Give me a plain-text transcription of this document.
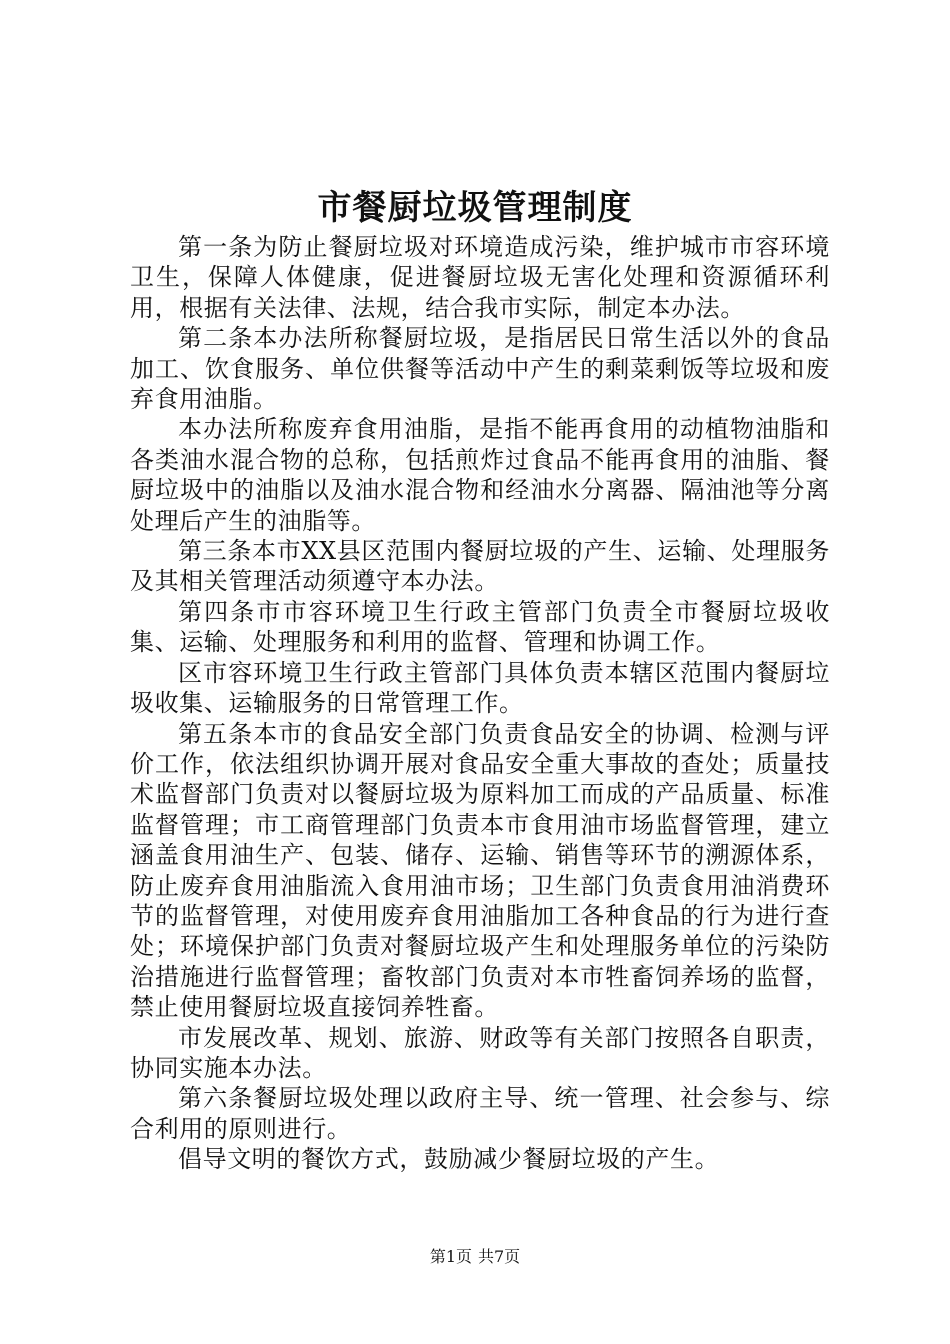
市餐厨垃圾管理制度

第一条为防止餐厨垃圾对环境造成污染，维护城市市容环境卫生，保障人体健康，促进餐厨垃圾无害化处理和资源循环利用，根据有关法律、法规，结合我市实际，制定本办法。

第二条本办法所称餐厨垃圾，是指居民日常生活以外的食品加工、饮食服务、单位供餐等活动中产生的剩菜剩饭等垃圾和废弃食用油脂。

本办法所称废弃食用油脂，是指不能再食用的动植物油脂和各类油水混合物的总称，包括煎炸过食品不能再食用的油脂、餐厨垃圾中的油脂以及油水混合物和经油水分离器、隔油池等分离处理后产生的油脂等。

第三条本市XX县区范围内餐厨垃圾的产生、运输、处理服务及其相关管理活动须遵守本办法。

第四条市市容环境卫生行政主管部门负责全市餐厨垃圾收集、运输、处理服务和利用的监督、管理和协调工作。

区市容环境卫生行政主管部门具体负责本辖区范围内餐厨垃圾收集、运输服务的日常管理工作。

第五条本市的食品安全部门负责食品安全的协调、检测与评价工作，依法组织协调开展对食品安全重大事故的查处；质量技术监督部门负责对以餐厨垃圾为原料加工而成的产品质量、标准监督管理；市工商管理部门负责本市食用油市场监督管理，建立涵盖食用油生产、包装、储存、运输、销售等环节的溯源体系，防止废弃食用油脂流入食用油市场；卫生部门负责食用油消费环节的监督管理，对使用废弃食用油脂加工各种食品的行为进行查处；环境保护部门负责对餐厨垃圾产生和处理服务单位的污染防治措施进行监督管理；畜牧部门负责对本市牲畜饲养场的监督，禁止使用餐厨垃圾直接饲养牲畜。

市发展改革、规划、旅游、财政等有关部门按照各自职责，协同实施本办法。

第六条餐厨垃圾处理以政府主导、统一管理、社会参与、综合利用的原则进行。

倡导文明的餐饮方式，鼓励减少餐厨垃圾的产生。

第1页 共7页
